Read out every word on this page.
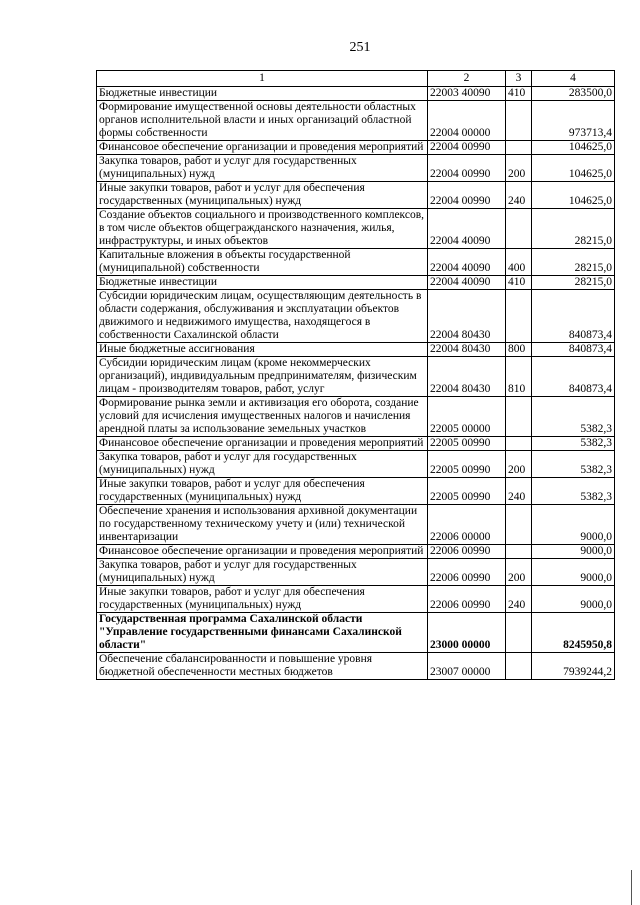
251
1	2	3	4
Бюджетные инвестиции	22003 40090	410	283500,0
Формирование имущественной основы деятельности областных органов исполнительной власти и иных организаций областной формы собственности	22004 00000		973713,4
Финансовое обеспечение организации и проведения мероприятий	22004 00990		104625,0
Закупка товаров, работ и услуг для государственных (муниципальных) нужд	22004 00990	200	104625,0
Иные закупки товаров, работ и услуг для обеспечения государственных (муниципальных) нужд	22004 00990	240	104625,0
Создание объектов социального и производственного комплексов, в том числе объектов общегражданского назначения, жилья, инфраструктуры, и иных объектов	22004 40090		28215,0
Капитальные вложения в объекты государственной (муниципальной) собственности	22004 40090	400	28215,0
Бюджетные инвестиции	22004 40090	410	28215,0
Субсидии юридическим лицам, осуществляющим деятельность в области содержания, обслуживания и эксплуатации объектов движимого и недвижимого имущества, находящегося в собственности Сахалинской области	22004 80430		840873,4
Иные бюджетные ассигнования	22004 80430	800	840873,4
Субсидии юридическим лицам (кроме некоммерческих организаций), индивидуальным предпринимателям, физическим лицам - производителям товаров, работ, услуг	22004 80430	810	840873,4
Формирование рынка земли и активизация его оборота, создание условий для исчисления имущественных налогов и начисления арендной платы за использование земельных участков	22005 00000		5382,3
Финансовое обеспечение организации и проведения мероприятий	22005 00990		5382,3
Закупка товаров, работ и услуг для государственных (муниципальных) нужд	22005 00990	200	5382,3
Иные закупки товаров, работ и услуг для обеспечения государственных (муниципальных) нужд	22005 00990	240	5382,3
Обеспечение хранения и использования архивной документации по государственному техническому учету и (или) технической инвентаризации	22006 00000		9000,0
Финансовое обеспечение организации и проведения мероприятий	22006 00990		9000,0
Закупка товаров, работ и услуг для государственных (муниципальных) нужд	22006 00990	200	9000,0
Иные закупки товаров, работ и услуг для обеспечения государственных (муниципальных) нужд	22006 00990	240	9000,0
Государственная программа Сахалинской области "Управление государственными финансами Сахалинской области"	23000 00000		8245950,8
Обеспечение сбалансированности и повышение уровня бюджетной обеспеченности местных бюджетов	23007 00000		7939244,2
